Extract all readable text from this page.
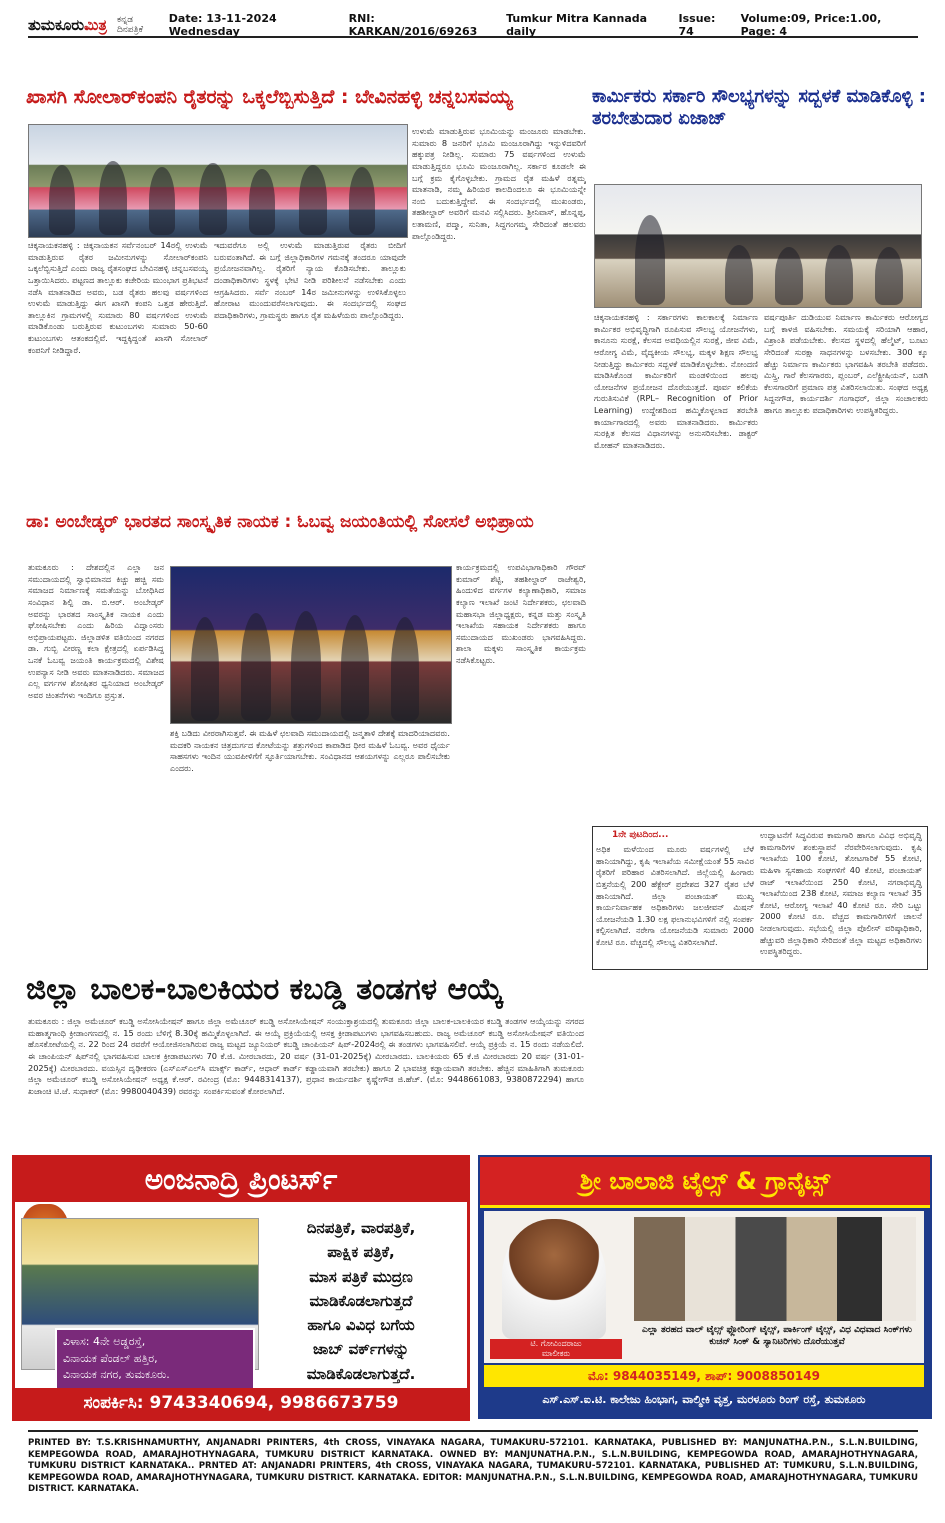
ತುಮಕೂರುಮಿತ್ರ ಕನ್ನಡ ದಿನಪತ್ರಿಕೆ
Date: 13-11-2024 Wednesday
RNI: KARKAN/2016/69263
Tumkur Mitra Kannada daily
Issue: 74
Volume:09, Price:1.00, Page: 4
ಖಾಸಗಿ ಸೋಲಾರ್‌ಕಂಪನಿ ರೈತರನ್ನು ಒಕ್ಕಲೆಬ್ಬಿಸುತ್ತಿದೆ : ಬೇವಿನಹಳ್ಳಿ ಚನ್ನಬಸವಯ್ಯ

ಚಿಕ್ಕನಾಯಕನಹಳ್ಳಿ : ಚಿಕ್ಕನಾಯಕನ ಸರ್ವೆನಂಬರ್ 14ರಲ್ಲಿ ಉಳುಮೆ ಮಾಡುತ್ತಿರುವ ರೈತರ ಜಮೀನುಗಳನ್ನು ಸೋಲಾರ್‌ಕಂಪನಿ ಒಕ್ಕಲೆಬ್ಬಿಸುತ್ತಿದೆ ಎಂದು ರಾಜ್ಯ ರೈತಸಂಘದ ಬೇವಿನಹಳ್ಳಿ ಚನ್ನಬಸವಯ್ಯ ಒತ್ತಾಯಿಸಿದರು. ಪಟ್ಟಣದ ತಾಲ್ಲೂಕು ಕಚೇರಿಯ ಮುಂಭಾಗ ಪ್ರತಿಭಟನೆ ನಡೆಸಿ ಮಾತನಾಡಿದ ಅವರು, ಬಡ ರೈತರು ಹಲವು ವರ್ಷಗಳಿಂದ ಉಳುಮೆ ಮಾಡುತ್ತಿದ್ದು ಈಗ ಖಾಸಗಿ ಕಂಪನಿ ಒತ್ತಡ ಹೇರುತ್ತಿದೆ. ತಾಲ್ಲೂಕಿನ ಗ್ರಾಮಗಳಲ್ಲಿ ಸುಮಾರು 80 ವರ್ಷಗಳಿಂದ ಉಳುಮೆ ಮಾಡಿಕೊಂಡು ಬರುತ್ತಿರುವ ಕುಟುಂಬಗಳು ಸುಮಾರು 50-60 ಕುಟುಂಬಗಳು ಆತಂಕದಲ್ಲಿವೆ. ಇದ್ದಕ್ಕಿದ್ದಂತೆ ಖಾಸಗಿ ಸೋಲಾರ್ ಕಂಪನಿಗೆ ನೀಡಿದ್ದಾರೆ.

ಇದುವರೆಗೂ ಅಲ್ಲಿ ಉಳುಮೆ ಮಾಡುತ್ತಿರುವ ರೈತರು ಬೀದಿಗೆ ಬರುವಂತಾಗಿದೆ. ಈ ಬಗ್ಗೆ ಜಿಲ್ಲಾಧಿಕಾರಿಗಳ ಗಮನಕ್ಕೆ ತಂದರೂ ಯಾವುದೇ ಪ್ರಯೋಜನವಾಗಿಲ್ಲ. ರೈತರಿಗೆ ನ್ಯಾಯ ಕೊಡಿಸಬೇಕು. ತಾಲ್ಲೂಕು ದಂಡಾಧಿಕಾರಿಗಳು ಸ್ಥಳಕ್ಕೆ ಭೇಟಿ ನೀಡಿ ಪರಿಶೀಲನೆ ನಡೆಸಬೇಕು ಎಂದು ಆಗ್ರಹಿಸಿದರು. ಸರ್ವೆ ನಂಬರ್ 14ರ ಜಮೀನುಗಳನ್ನು ಉಳಿಸಿಕೊಳ್ಳಲು ಹೋರಾಟ ಮುಂದುವರೆಸಲಾಗುವುದು. ಈ ಸಂದರ್ಭದಲ್ಲಿ ಸಂಘದ ಪದಾಧಿಕಾರಿಗಳು, ಗ್ರಾಮಸ್ಥರು ಹಾಗೂ ರೈತ ಮಹಿಳೆಯರು ಪಾಲ್ಗೊಂಡಿದ್ದರು.

ಉಳುಮೆ ಮಾಡುತ್ತಿರುವ ಭೂಮಿಯನ್ನು ಮಂಜೂರು ಮಾಡಬೇಕು. ಸುಮಾರು 8 ಜನರಿಗೆ ಭೂಮಿ ಮಂಜೂರಾಗಿದ್ದು ಇನ್ನುಳಿದವರಿಗೆ ಹಕ್ಕುಪತ್ರ ನೀಡಿಲ್ಲ. ಸುಮಾರು 75 ವರ್ಷಗಳಿಂದ ಉಳುಮೆ ಮಾಡುತ್ತಿದ್ದರೂ ಭೂಮಿ ಮಂಜೂರಾಗಿಲ್ಲ. ಸರ್ಕಾರ ಕೂಡಲೇ ಈ ಬಗ್ಗೆ ಕ್ರಮ ಕೈಗೊಳ್ಳಬೇಕು. ಗ್ರಾಮದ ರೈತ ಮಹಿಳೆ ರತ್ನಮ್ಮ ಮಾತನಾಡಿ, ನಮ್ಮ ಹಿರಿಯರ ಕಾಲದಿಂದಲೂ ಈ ಭೂಮಿಯನ್ನೇ ನಂಬಿ ಬದುಕುತ್ತಿದ್ದೇವೆ. ಈ ಸಂದರ್ಭದಲ್ಲಿ ಮುಖಂಡರು, ತಹಶೀಲ್ದಾರ್ ಅವರಿಗೆ ಮನವಿ ಸಲ್ಲಿಸಿದರು. ಶ್ರೀನಿವಾಸ್, ಹೊನ್ನಪ್ಪ, ಲತಾಮಣಿ, ಪದ್ಮಾ, ಸುನಿತಾ, ಸಿದ್ದಗಂಗಮ್ಮ ಸೇರಿದಂತೆ ಹಲವರು ಪಾಲ್ಗೊಂಡಿದ್ದರು.

ಕಾರ್ಮಿಕರು ಸರ್ಕಾರಿ ಸೌಲಭ್ಯಗಳನ್ನು ಸದ್ಬಳಕೆ ಮಾಡಿಕೊಳ್ಳಿ : ತರಬೇತುದಾರ ಏಜಾಜ್

ಚಿಕ್ಕನಾಯಕನಹಳ್ಳಿ : ಸರ್ಕಾರಗಳು ಕಾಲಕಾಲಕ್ಕೆ ನಿರ್ಮಾಣ ಕಾರ್ಮಿಕರ ಅಭಿವೃದ್ಧಿಗಾಗಿ ರೂಪಿಸುವ ಸೌಲಭ್ಯ ಯೋಜನೆಗಳು, ಕಾನೂನು ಸುರಕ್ಷೆ, ಕೆಲಸದ ಅವಧಿಯಲ್ಲಿನ ಸುರಕ್ಷೆ, ಜೀವ ವಿಮೆ, ಆರೋಗ್ಯ ವಿಮೆ, ವೈದ್ಯಕೀಯ ಸೌಲಭ್ಯ, ಮಕ್ಕಳ ಶಿಕ್ಷಣ ಸೌಲಭ್ಯ ನೀಡುತ್ತಿದ್ದು ಕಾರ್ಮಿಕರು ಸದ್ಬಳಕೆ ಮಾಡಿಕೊಳ್ಳಬೇಕು. ನೋಂದಣಿ ಮಾಡಿಸಿಕೊಂಡ ಕಾರ್ಮಿಕರಿಗೆ ಮಂಡಳಿಯಿಂದ ಹಲವು ಯೋಜನೆಗಳ ಪ್ರಯೋಜನ ದೊರೆಯುತ್ತದೆ. ಪೂರ್ವ ಕಲಿಕೆಯ ಗುರುತಿಸುವಿಕೆ (RPL– Recognition of Prior Learning) ಉದ್ದೇಶದಿಂದ ಹಮ್ಮಿಕೊಳ್ಳಲಾದ ತರಬೇತಿ ಕಾರ್ಯಾಗಾರದಲ್ಲಿ ಅವರು ಮಾತನಾಡಿದರು. ಕಾರ್ಮಿಕರು ಸುರಕ್ಷಿತ ಕೆಲಸದ ವಿಧಾನಗಳನ್ನು ಅನುಸರಿಸಬೇಕು. ಡಾಕ್ಟರ್ ಮೋಹನ್ ಮಾತನಾಡಿದರು.

ವರ್ಷಪೂರ್ತಿ ದುಡಿಯುವ ನಿರ್ಮಾಣ ಕಾರ್ಮಿಕರು ಆರೋಗ್ಯದ ಬಗ್ಗೆ ಕಾಳಜಿ ವಹಿಸಬೇಕು. ಸಮಯಕ್ಕೆ ಸರಿಯಾಗಿ ಆಹಾರ, ವಿಶ್ರಾಂತಿ ಪಡೆಯಬೇಕು. ಕೆಲಸದ ಸ್ಥಳದಲ್ಲಿ ಹೆಲ್ಮೆಟ್, ಬೂಟು ಸೇರಿದಂತೆ ಸುರಕ್ಷಾ ಸಾಧನಗಳನ್ನು ಬಳಸಬೇಕು. 300 ಕ್ಕೂ ಹೆಚ್ಚು ನಿರ್ಮಾಣ ಕಾರ್ಮಿಕರು ಭಾಗವಹಿಸಿ ತರಬೇತಿ ಪಡೆದರು. ಮಿಸ್ತ್ರಿ, ಗಾರೆ ಕೆಲಸಗಾರರು, ಪ್ಲಂಬರ್, ಎಲೆಕ್ಟ್ರೀಷಿಯನ್, ಬಡಗಿ ಕೆಲಸಗಾರರಿಗೆ ಪ್ರಮಾಣ ಪತ್ರ ವಿತರಿಸಲಾಯಿತು. ಸಂಘದ ಅಧ್ಯಕ್ಷ ಸಿದ್ದನಗೌಡ, ಕಾರ್ಯದರ್ಶಿ ಗಂಗಾಧರ್, ಜಿಲ್ಲಾ ಸಂಚಾಲಕರು ಹಾಗೂ ತಾಲ್ಲೂಕು ಪದಾಧಿಕಾರಿಗಳು ಉಪಸ್ಥಿತರಿದ್ದರು.

ಡಾ: ಅಂಬೇಡ್ಕರ್ ಭಾರತದ ಸಾಂಸ್ಕೃತಿಕ ನಾಯಕ : ಓಬವ್ವ ಜಯಂತಿಯಲ್ಲಿ ಸೋಸಲೆ ಅಭಿಪ್ರಾಯ

ತುಮಕೂರು : ದೇಶದಲ್ಲಿನ ಎಲ್ಲಾ ಜನ ಸಮುದಾಯದಲ್ಲಿ ಸ್ವಾಭಿಮಾನದ ಕಿಚ್ಚು ಹಚ್ಚಿ ಸಮ ಸಮಾಜದ ನಿರ್ಮಾಣಕ್ಕೆ ಸಮತೆಯನ್ನು ಬೋಧಿಸಿದ ಸಂವಿಧಾನ ಶಿಲ್ಪಿ ಡಾ. ಬಿ.ಆರ್. ಅಂಬೇಡ್ಕರ್ ಅವರನ್ನು ಭಾರತದ ಸಾಂಸ್ಕೃತಿಕ ನಾಯಕ ಎಂದು ಘೋಷಿಸಬೇಕು ಎಂದು ಹಿರಿಯ ವಿದ್ವಾಂಸರು ಅಭಿಪ್ರಾಯಪಟ್ಟರು. ಜಿಲ್ಲಾಡಳಿತ ವತಿಯಿಂದ ನಗರದ ಡಾ. ಗುಬ್ಬಿ ವೀರಣ್ಣ ಕಲಾ ಕ್ಷೇತ್ರದಲ್ಲಿ ಏರ್ಪಡಿಸಿದ್ದ ಒನಕೆ ಓಬವ್ವ ಜಯಂತಿ ಕಾರ್ಯಕ್ರಮದಲ್ಲಿ ವಿಶೇಷ ಉಪನ್ಯಾಸ ನೀಡಿ ಅವರು ಮಾತನಾಡಿದರು. ಸಮಾಜದ ಎಲ್ಲ ವರ್ಗಗಳ ಶೋಷಿತರ ಧ್ವನಿಯಾದ ಅಂಬೇಡ್ಕರ್ ಅವರ ಚಿಂತನೆಗಳು ಇಂದಿಗೂ ಪ್ರಸ್ತುತ.

ಶಕ್ತಿ ಬಡಿದು ವೀರರಾಗಿಸುತ್ತವೆ. ಈ ಮಹಿಳೆ ಛಲವಾದಿ ಸಮುದಾಯದಲ್ಲಿ ಜನ್ಮತಾಳಿ ದೇಶಕ್ಕೆ ಮಾದರಿಯಾದವರು. ಮದಕರಿ ನಾಯಕನ ಚಿತ್ರದುರ್ಗದ ಕೋಟೆಯನ್ನು ಶತ್ರುಗಳಿಂದ ಕಾಪಾಡಿದ ಧೀರ ಮಹಿಳೆ ಓಬವ್ವ. ಅವರ ಧೈರ್ಯ ಸಾಹಸಗಳು ಇಂದಿನ ಯುವಪೀಳಿಗೆಗೆ ಸ್ಫೂರ್ತಿಯಾಗಬೇಕು. ಸಂವಿಧಾನದ ಆಶಯಗಳನ್ನು ಎಲ್ಲರೂ ಪಾಲಿಸಬೇಕು ಎಂದರು.

ಕಾರ್ಯಕ್ರಮದಲ್ಲಿ ಉಪವಿಭಾಗಾಧಿಕಾರಿ ಗೌರವ್ ಕುಮಾರ್ ಶೆಟ್ಟಿ, ತಹಶೀಲ್ದಾರ್ ರಾಜೇಶ್ವರಿ, ಹಿಂದುಳಿದ ವರ್ಗಗಳ ಕಲ್ಯಾಣಾಧಿಕಾರಿ, ಸಮಾಜ ಕಲ್ಯಾಣ ಇಲಾಖೆ ಜಂಟಿ ನಿರ್ದೇಶಕರು, ಛಲವಾದಿ ಮಹಾಸಭಾ ಜಿಲ್ಲಾಧ್ಯಕ್ಷರು, ಕನ್ನಡ ಮತ್ತು ಸಂಸ್ಕೃತಿ ಇಲಾಖೆಯ ಸಹಾಯಕ ನಿರ್ದೇಶಕರು ಹಾಗೂ ಸಮುದಾಯದ ಮುಖಂಡರು ಭಾಗವಹಿಸಿದ್ದರು. ಶಾಲಾ ಮಕ್ಕಳು ಸಾಂಸ್ಕೃತಿಕ ಕಾರ್ಯಕ್ರಮ ನಡೆಸಿಕೊಟ್ಟರು.

1ನೇ ಪುಟದಿಂದ...

ಅಧಿಕ ಮಳೆಯಿಂದ ಮೂರು ವರ್ಷಗಳಲ್ಲಿ ಬೆಳೆ ಹಾನಿಯಾಗಿದ್ದು, ಕೃಷಿ ಇಲಾಖೆಯ ಸಮೀಕ್ಷೆಯಂತೆ 55 ಸಾವಿರ ರೈತರಿಗೆ ಪರಿಹಾರ ವಿತರಿಸಲಾಗಿದೆ. ಜಿಲ್ಲೆಯಲ್ಲಿ ಹಿಂಗಾರು ಬಿತ್ತನೆಯಲ್ಲಿ 200 ಹೆಕ್ಟೇರ್ ಪ್ರದೇಶದ 327 ರೈತರ ಬೆಳೆ ಹಾನಿಯಾಗಿದೆ. ಜಿಲ್ಲಾ ಪಂಚಾಯತ್ ಮುಖ್ಯ ಕಾರ್ಯನಿರ್ವಾಹಕ ಅಧಿಕಾರಿಗಳು ಜಲಜೀವನ್ ಮಿಷನ್ ಯೋಜನೆಯಡಿ 1.30 ಲಕ್ಷ ಫಲಾನುಭವಿಗಳಿಗೆ ನಲ್ಲಿ ಸಂಪರ್ಕ ಕಲ್ಪಿಸಲಾಗಿದೆ. ನರೇಗಾ ಯೋಜನೆಯಡಿ ಸುಮಾರು 2000 ಕೋಟಿ ರೂ. ವೆಚ್ಚದಲ್ಲಿ ಸೌಲಭ್ಯ ವಿತರಿಸಲಾಗಿದೆ.

ಉದ್ಘಾಟನೆಗೆ ಸಿದ್ಧವಿರುವ ಕಾಮಗಾರಿ ಹಾಗೂ ವಿವಿಧ ಅಭಿವೃದ್ಧಿ ಕಾಮಗಾರಿಗಳ ಶಂಕುಸ್ಥಾಪನೆ ನೆರವೇರಿಸಲಾಗುವುದು. ಕೃಷಿ ಇಲಾಖೆಯ 100 ಕೋಟಿ, ತೋಟಗಾರಿಕೆ 55 ಕೋಟಿ, ಮಹಿಳಾ ಸ್ವಸಹಾಯ ಸಂಘಗಳಿಗೆ 40 ಕೋಟಿ, ಪಂಚಾಯತ್ ರಾಜ್ ಇಲಾಖೆಯಿಂದ 250 ಕೋಟಿ, ನಗರಾಭಿವೃದ್ಧಿ ಇಲಾಖೆಯಿಂದ 238 ಕೋಟಿ, ಸಮಾಜ ಕಲ್ಯಾಣ ಇಲಾಖೆ 35 ಕೋಟಿ, ಆರೋಗ್ಯ ಇಲಾಖೆ 40 ಕೋಟಿ ರೂ. ಸೇರಿ ಒಟ್ಟು 2000 ಕೋಟಿ ರೂ. ವೆಚ್ಚದ ಕಾಮಗಾರಿಗಳಿಗೆ ಚಾಲನೆ ನೀಡಲಾಗುವುದು. ಸಭೆಯಲ್ಲಿ ಜಿಲ್ಲಾ ಪೊಲೀಸ್ ವರಿಷ್ಠಾಧಿಕಾರಿ, ಹೆಚ್ಚುವರಿ ಜಿಲ್ಲಾಧಿಕಾರಿ ಸೇರಿದಂತೆ ಜಿಲ್ಲಾ ಮಟ್ಟದ ಅಧಿಕಾರಿಗಳು ಉಪಸ್ಥಿತರಿದ್ದರು.

ಜಿಲ್ಲಾ ಬಾಲಕ-ಬಾಲಕಿಯರ ಕಬಡ್ಡಿ ತಂಡಗಳ ಆಯ್ಕೆ

ತುಮಕೂರು : ಜಿಲ್ಲಾ ಅಮೆಚೂರ್ ಕಬಡ್ಡಿ ಅಸೋಸಿಯೇಷನ್ ಹಾಗೂ ಜಿಲ್ಲಾ ಅಮೆಚೂರ್ ಕಬಡ್ಡಿ ಅಸೋಸಿಯೇಷನ್ ಸಂಯುಕ್ತಾಶ್ರಯದಲ್ಲಿ ತುಮಕೂರು ಜಿಲ್ಲಾ ಬಾಲಕ-ಬಾಲಕಿಯರ ಕಬಡ್ಡಿ ತಂಡಗಳ ಆಯ್ಕೆಯನ್ನು ನಗರದ ಮಹಾತ್ಮಗಾಂಧಿ ಕ್ರೀಡಾಂಗಣದಲ್ಲಿ ನ. 15 ರಂದು ಬೆಳಿಗ್ಗೆ 8.30ಕ್ಕೆ ಹಮ್ಮಿಕೊಳ್ಳಲಾಗಿದೆ. ಈ ಆಯ್ಕೆ ಪ್ರಕ್ರಿಯೆಯಲ್ಲಿ ಆಸಕ್ತ ಕ್ರೀಡಾಪಟುಗಳು ಭಾಗವಹಿಸಬಹುದು. ರಾಜ್ಯ ಅಮೆಚೂರ್ ಕಬಡ್ಡಿ ಅಸೋಸಿಯೇಷನ್ ವತಿಯಿಂದ ಹೊಸಕೋಟೆಯಲ್ಲಿ ನ. 22 ರಿಂದ 24 ರವರೆಗೆ ಆಯೋಜಿಸಲಾಗಿರುವ ರಾಜ್ಯ ಮಟ್ಟದ ಜ್ಯೂನಿಯರ್ ಕಬಡ್ಡಿ ಚಾಂಪಿಯನ್ ಷಿಪ್-2024ರಲ್ಲಿ ಈ ತಂಡಗಳು ಭಾಗವಹಿಸಲಿವೆ. ಆಯ್ಕೆ ಪ್ರಕ್ರಿಯೆ ನ. 15 ರಂದು ನಡೆಯಲಿದೆ. ಈ ಚಾಂಪಿಯನ್ ಷಿಪ್‌ನಲ್ಲಿ ಭಾಗವಹಿಸುವ ಬಾಲಕ ಕ್ರೀಡಾಪಟುಗಳು 70 ಕೆ.ಜಿ. ಮೀರಬಾರದು, 20 ವರ್ಷ (31-01-2025ಕ್ಕೆ) ಮೀರಬಾರದು. ಬಾಲಕಿಯರು 65 ಕೆ.ಜಿ ಮೀರಬಾರದು 20 ವರ್ಷ (31-01-2025ಕ್ಕೆ) ಮೀರಬಾರದು. ವಯಸ್ಸಿನ ದೃಢೀಕರಣ (ಎಸ್ಎಸ್ಎಲ್‌ಸಿ ಮಾರ್ಕ್ಸ್ ಕಾರ್ಡ್, ಆಧಾರ್ ಕಾರ್ಡ್ ಕಡ್ಡಾಯವಾಗಿ ತರಬೇಕು) ಹಾಗೂ 2 ಭಾವಚಿತ್ರ ಕಡ್ಡಾಯವಾಗಿ ತರಬೇಕು. ಹೆಚ್ಚಿನ ಮಾಹಿತಿಗಾಗಿ ತುಮಕೂರು ಜಿಲ್ಲಾ ಅಮೆಚೂರ್ ಕಬಡ್ಡಿ ಅಸೋಸಿಯೇಷನ್ ಅಧ್ಯಕ್ಷ ಕೆ.ಆರ್. ರವೀಂದ್ರ (ಮೊ: 9448314137), ಪ್ರಧಾನ ಕಾರ್ಯದರ್ಶಿ ಕೃಷ್ಣೇಗೌಡ ಜಿ.ಹೆಚ್. (ಮೊ: 9448661083, 9380872294) ಹಾಗೂ ಖಜಾಂಚಿ ಟಿ.ಜೆ. ಸುಧಾಕರ್ (ಮೊ: 9980040439) ರವರನ್ನು ಸಂಪರ್ಕಿಸುವಂತೆ ಕೋರಲಾಗಿದೆ.

ಅಂಜನಾದ್ರಿ ಪ್ರಿಂಟರ್ಸ್
ದಿನಪತ್ರಿಕೆ, ವಾರಪತ್ರಿಕೆ,
ಪಾಕ್ಷಿಕ ಪತ್ರಿಕೆ,
ಮಾಸ ಪತ್ರಿಕೆ ಮುದ್ರಣ
ಮಾಡಿಕೊಡಲಾಗುತ್ತದೆ
ಹಾಗೂ ವಿವಿಧ ಬಗೆಯ
ಜಾಬ್ ವರ್ಕ್‌ಗಳನ್ನು
ಮಾಡಿಕೊಡಲಾಗುತ್ತದೆ.
ವಿಳಾಸ: 4ನೇ ಅಡ್ಡರಸ್ತೆ,
ವಿನಾಯಕ ಪೆಂಡಲ್ ಹತ್ತಿರ,
ವಿನಾಯಕ ನಗರ, ತುಮಕೂರು.
ಸಂಪರ್ಕಿಸಿ: 9743340694, 9986673759
ಶ್ರೀ ಬಾಲಾಜಿ ಟೈಲ್ಸ್ & ಗ್ರಾನೈಟ್ಸ್
ಟಿ. ಗೋವಿಂದರಾಜು
ಮಾಲೀಕರು
ಎಲ್ಲಾ ತರಹದ ವಾಲ್ ಟೈಲ್ಸ್ ಫ್ಲೋರಿಂಗ್ ಟೈಲ್ಸ್, ಪಾರ್ಕಿಂಗ್ ಟೈಲ್ಸ್, ವಿಧ ವಿಧವಾದ ಸಿಂಕ್‌ಗಳು ಕುಚನ್ ಸಿಂಕ್ & ಸ್ಯಾನಿಟರಿಗಳು ದೊರೆಯುತ್ತವೆ
ಮೊ: 9844035149, ಶಾಪ್: 9008850149
ಎಸ್.ಎಸ್.ಐ.ಟಿ. ಕಾಲೇಜು ಹಿಂಭಾಗ, ವಾಲ್ಮೀಕಿ ವೃತ್ತ, ಮರಳೂರು ರಿಂಗ್ ರಸ್ತೆ, ತುಮಕೂರು
PRINTED BY: T.S.KRISHNAMURTHY, ANJANADRI PRINTERS, 4th CROSS, VINAYAKA NAGARA, TUMAKURU-572101. KARNATAKA, PUBLISHED BY: MANJUNATHA.P.N., S.L.N.BUILDING, KEMPEGOWDA ROAD, AMARAJHOTHYNAGARA, TUMKURU DISTRICT KARNATAKA. OWNED BY: MANJUNATHA.P.N., S.L.N.BUILDING, KEMPEGOWDA ROAD, AMARAJHOTHYNAGARA, TUMKURU DISTRICT KARNATAKA.. PRNTED AT: ANJANADRI PRINTERS, 4th CROSS, VINAYAKA NAGARA, TUMAKURU-572101. KARNATAKA, PUBLISHED AT: TUMKURU, S.L.N.BUILDING, KEMPEGOWDA ROAD, AMARAJHOTHYNAGARA, TUMKURU DISTRICT. KARNATAKA. EDITOR: MANJUNATHA.P.N., S.L.N.BUILDING, KEMPEGOWDA ROAD, AMARAJHOTHYNAGARA, TUMKURU DISTRICT. KARNATAKA.
